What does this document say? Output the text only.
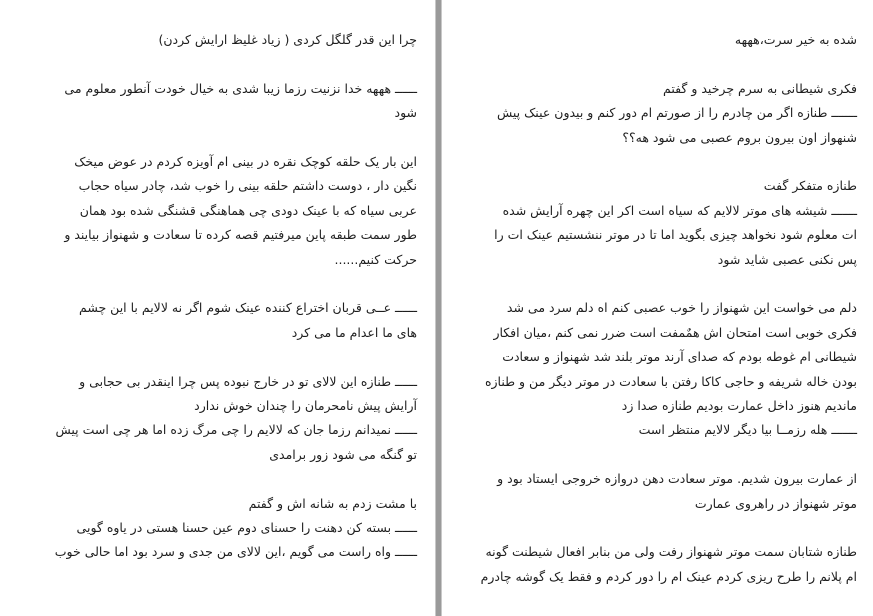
چرا این قدر گلگل کردی ( زیاد غلیظ ارایش کردن)
ــــــ هههه خدا نزنیت رزما زیبا شدی به خیال خودت آنطور معلوم می
شود
این بار یک حلقه کوچک نقره در بینی ام آویزه کردم در عوض میخک
نگین دار ، دوست داشتم حلقه بینی را خوب شد، چادر سیاه حجاب
عربی سیاه که با عینک دودی چی هماهنگی قشنگی شده بود همان
طور سمت طبقه پاین میرفتیم قصه کرده تا سعادت و شهنواز بیایند و
حرکت کنیم......
ــــــ عــی قربان اختراع کننده عینک شوم اگر نه لالایم با این چشم
های ما اعدام ما می کرد
ــــــ طنازه این لالای تو در خارج نبوده پس چرا اینقدر بی حجابی و
آرایش پیش نامحرمان را چندان خوش ندارد
ــــــ نمیدانم رزما جان که لالایم را چی مرگ زده اما هر چی است پیش
تو گنگه می شود زور برامدی
با مشت زدم به شانه اش و گفتم
ــــــ بسته کن دهنت را حسنای دوم عین حسنا هستی در یاوه گویی
ــــــ واه راست می گویم ،این لالای من جدی و سرد بود اما حالی خوب
شده به خیر سرت،هههه
فکری شیطانی به سرم چرخید و گفتم
ـــــــ طنازه اگر من چادرم را از صورتم ام دور کنم و بیدون عینک پیش
شنهواز اون بیرون بروم عصبی می شود هه؟؟
طنازه متفکر گفت
ـــــــ شیشه های موتر لالایم که سیاه است اکر این چهره آرایش شده
ات معلوم شود نخواهد چیزی بگوید اما تا در موتر ننشستیم عینک ات را
پس نکنی عصبی شاید شود
دلم می خواست این شهنواز را خوب عصبی کنم اه دلم سرد می شد
فکری خوبی است امتحان اش همٌمفت است ضرر نمی کنم ،میان افکار
شیطانی ام غوطه بودم که صدای آرند موتر بلند شد شهنواز و سعادت
بودن خاله شریفه و حاجی کاکا رفتن با سعادت در موتر دیگر من و طنازه
ماندیم هنوز داخل عمارت بودیم طنازه صدا زد
ـــــــ هله رزمــا بیا دیگر لالایم منتظر است
از عمارت بیرون شدیم. موتر سعادت دهن دروازه خروجی ایستاد بود و
موتر شهنواز در راهروی عمارت
طنازه شتابان سمت موتر شهنواز رفت ولی من بنابر افعال شیطنت گونه
ام پلانم را طرح ریزی کردم عینک ام را دور کردم و فقط یک گوشه چادرم
